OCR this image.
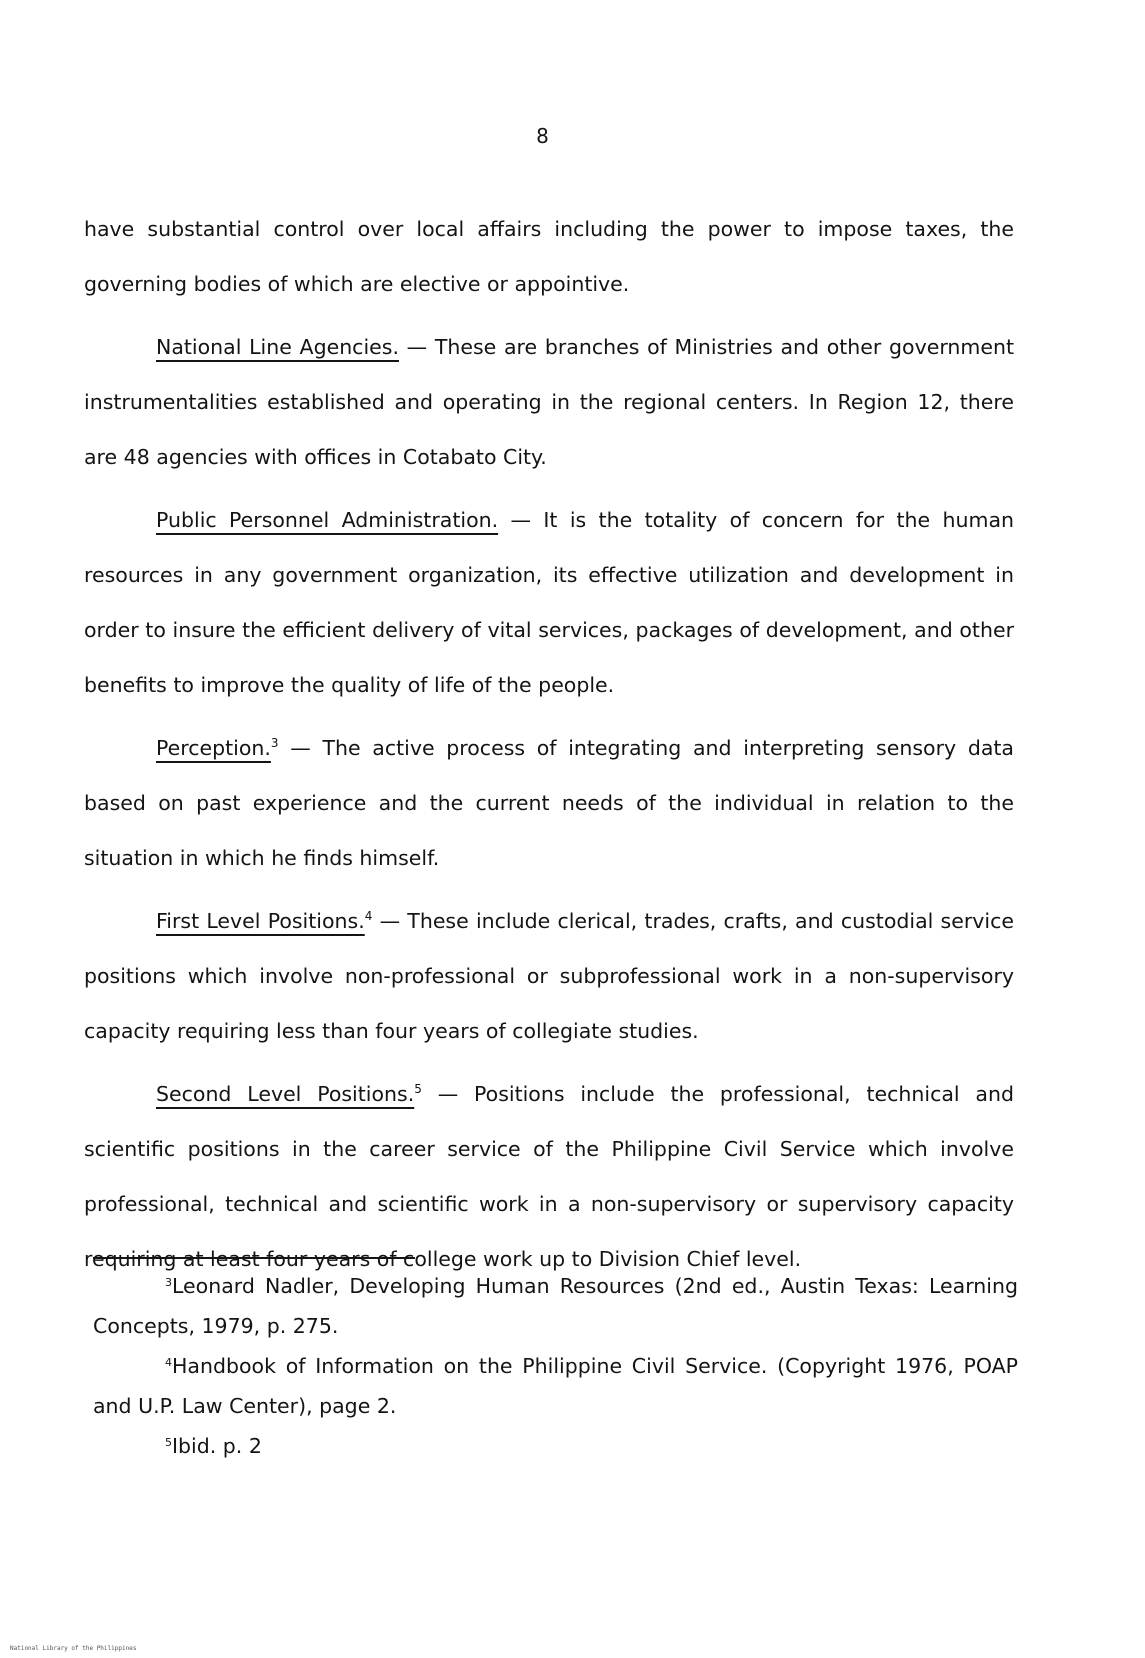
8

have substantial control over local affairs including the power to impose taxes, the governing bodies of which are elective or appointive.

National Line Agencies. — These are branches of Ministries and other government instrumentalities established and operating in the regional centers. In Region 12, there are 48 agencies with offices in Cotabato City.

Public Personnel Administration. — It is the totality of concern for the human resources in any government organization, its effective utilization and development in order to insure the efficient delivery of vital services, packages of development, and other benefits to improve the quality of life of the people.

Perception.$^3$ — The active process of integrating and interpreting sensory data based on past experience and the current needs of the individual in relation to the situation in which he finds himself.

First Level Positions.$^4$ — These include clerical, trades, crafts, and custodial service positions which involve non-professional or subprofessional work in a non-supervisory capacity requiring less than four years of collegiate studies.

Second Level Positions.$^5$ — Positions include the professional, technical and scientific positions in the career service of the Philippine Civil Service which involve professional, technical and scientific work in a non-supervisory or supervisory capacity requiring at least four years of college work up to Division Chief level.

$^3$Leonard Nadler, Developing Human Resources (2nd ed., Austin Texas: Learning Concepts, 1979, p. 275.

$^4$Handbook of Information on the Philippine Civil Service. (Copyright 1976, POAP and U.P. Law Center), page 2.

$^5$Ibid. p. 2

National Library of the Philippines
